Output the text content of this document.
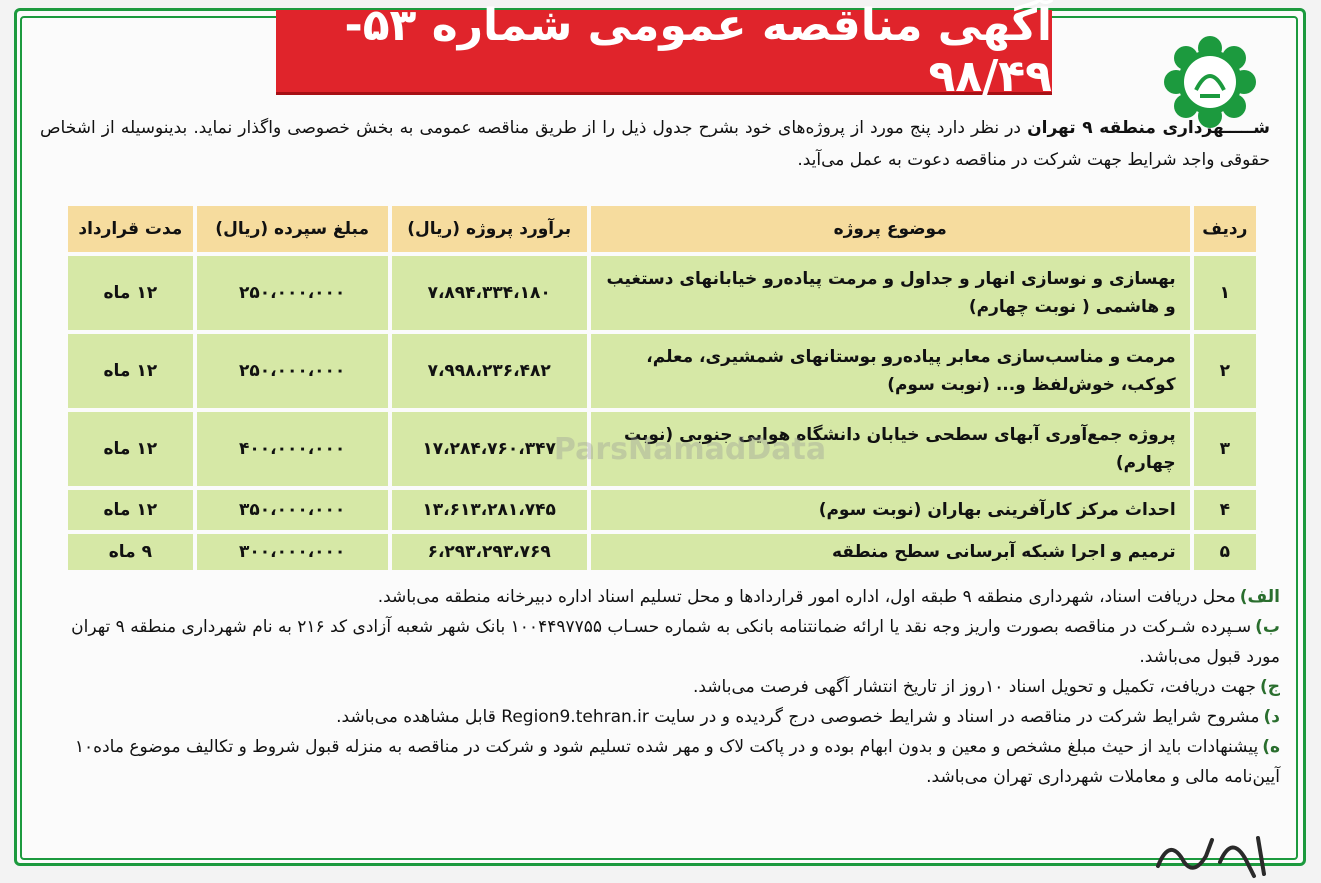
آگهی مناقصه عمومی شماره ۵۳- ۹۸/۴۹
شـــــهرداری منطقه ۹ تهران در نظر دارد پنج مورد از پروژه‌های خود بشرح جدول ذیل را از طریق مناقصه عمومی به بخش خصوصی واگذار نماید. بدینوسیله از اشخاص حقوقی واجد شرایط جهت شرکت در مناقصه دعوت به عمل می‌آید.
ردیف	موضوع پروژه	برآورد پروژه (ریال)	مبلغ سپرده (ریال)	مدت قرارداد
۱	بهسازی و نوسازی انهار و جداول و مرمت پیاده‌رو خیابانهای دستغیب و هاشمی ( نوبت چهارم)	۷،۸۹۴،۳۳۴،۱۸۰	۲۵۰،۰۰۰،۰۰۰	۱۲ ماه
۲	مرمت و مناسب‌سازی معابر پیاده‌رو بوستانهای شمشیری، معلم، کوکب، خوش‌لفظ و... (نوبت سوم)	۷،۹۹۸،۲۳۶،۴۸۲	۲۵۰،۰۰۰،۰۰۰	۱۲ ماه
۳	پروژه جمع‌آوری آبهای سطحی خیابان دانشگاه هوایی جنوبی (نوبت چهارم)	۱۷،۲۸۴،۷۶۰،۳۴۷	۴۰۰،۰۰۰،۰۰۰	۱۲ ماه
۴	احداث مرکز کارآفرینی بهاران (نوبت سوم)	۱۳،۶۱۳،۲۸۱،۷۴۵	۳۵۰،۰۰۰،۰۰۰	۱۲ ماه
۵	ترمیم و اجرا شبکه آبرسانی سطح منطقه	۶،۲۹۳،۲۹۳،۷۶۹	۳۰۰،۰۰۰،۰۰۰	۹ ماه
ParsNamadData

الف)محل دریافت اسناد، شهرداری منطقه ۹ طبقه اول، اداره امور قراردادها و محل تسلیم اسناد اداره دبیرخانه منطقه می‌باشد.

ب)سـپرده شـرکت در مناقصه بصورت واریز وجه نقد یا ارائه ضمانتنامه بانکی به شماره حسـاب ۱۰۰۴۴۹۷۷۵۵ بانک شهر شعبه آزادی کد ۲۱۶ به نام شهرداری منطقه ۹ تهران مورد قبول می‌باشد.

ج)جهت دریافت، تکمیل و تحویل اسناد ۱۰روز از تاریخ انتشار آگهی فرصت می‌باشد.

د)مشروح شرایط شرکت در مناقصه در اسناد و شرایط خصوصی درج گردیده و در سایت Region9.tehran.ir قابل مشاهده می‌باشد.

ه)پیشنهادات باید از حیث مبلغ مشخص و معین و بدون ابهام بوده و در پاکت لاک و مهر شده تسلیم شود و شرکت در مناقصه به منزله قبول شروط و تکالیف موضوع ماده۱۰ آیین‌نامه مالی و معاملات شهرداری تهران می‌باشد.
